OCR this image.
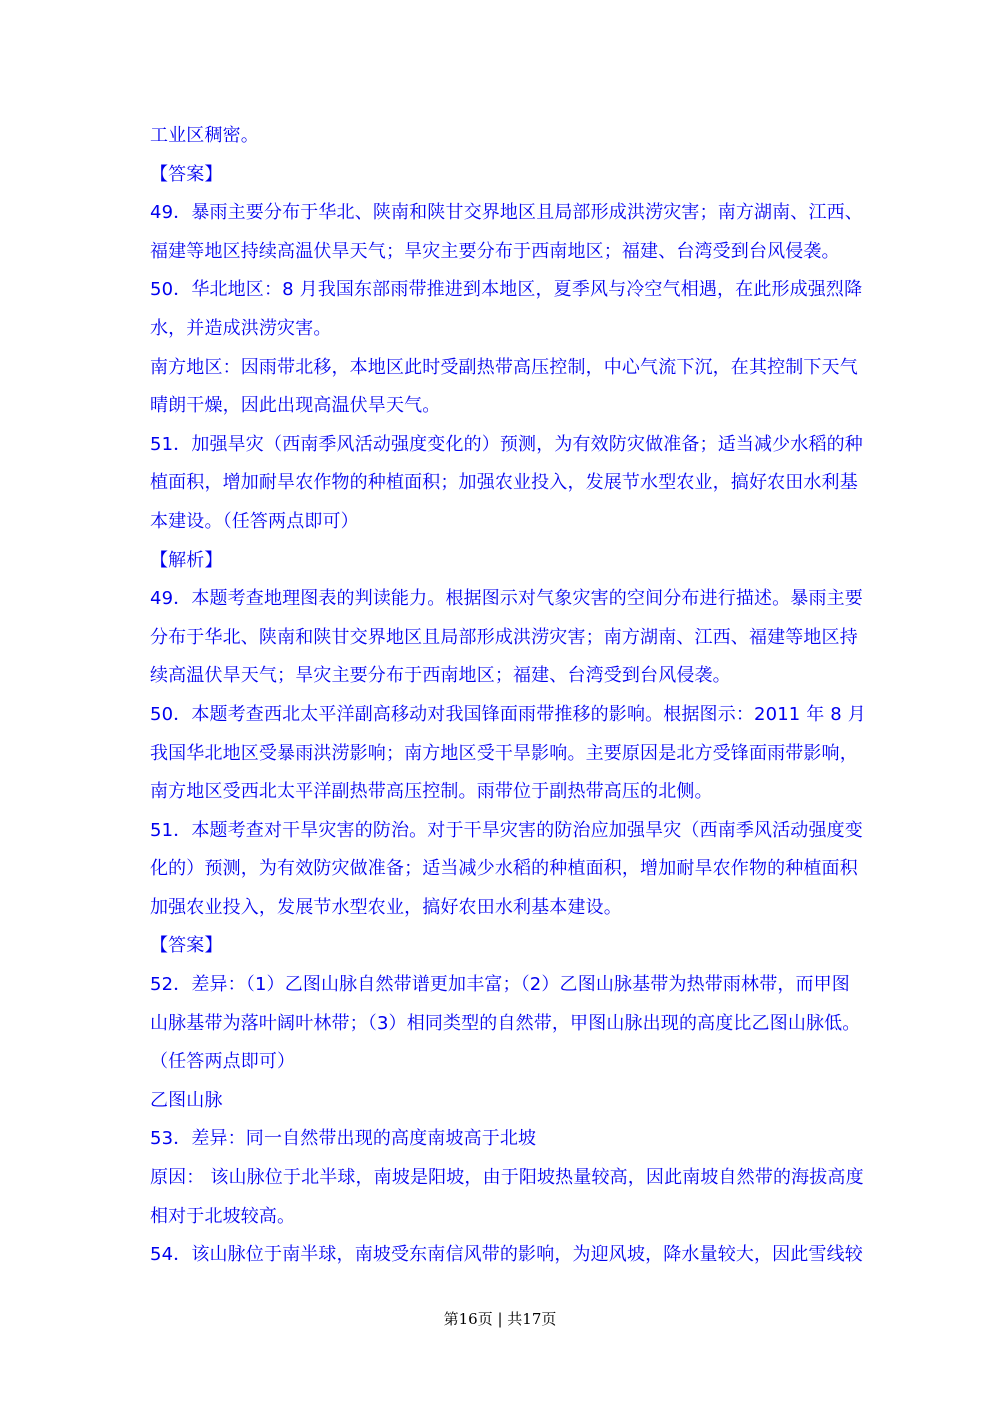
工业区稠密。
【答案】
49．暴雨主要分布于华北、陕南和陕甘交界地区且局部形成洪涝灾害；南方湖南、江西、
福建等地区持续高温伏旱天气；旱灾主要分布于西南地区；福建、台湾受到台风侵袭。
50．华北地区：8 月我国东部雨带推进到本地区，夏季风与冷空气相遇，在此形成强烈降
水，并造成洪涝灾害。
南方地区：因雨带北移，本地区此时受副热带高压控制，中心气流下沉，在其控制下天气
晴朗干燥，因此出现高温伏旱天气。
51．加强旱灾（西南季风活动强度变化的）预测，为有效防灾做准备；适当减少水稻的种
植面积，增加耐旱农作物的种植面积；加强农业投入，发展节水型农业，搞好农田水利基
本建设。（任答两点即可）
【解析】
49．本题考查地理图表的判读能力。根据图示对气象灾害的空间分布进行描述。暴雨主要
分布于华北、陕南和陕甘交界地区且局部形成洪涝灾害；南方湖南、江西、福建等地区持
续高温伏旱天气；旱灾主要分布于西南地区；福建、台湾受到台风侵袭。
50．本题考查西北太平洋副高移动对我国锋面雨带推移的影响。根据图示：2011 年 8 月
我国华北地区受暴雨洪涝影响；南方地区受干旱影响。主要原因是北方受锋面雨带影响，
南方地区受西北太平洋副热带高压控制。雨带位于副热带高压的北侧。
51．本题考查对干旱灾害的防治。对于干旱灾害的防治应加强旱灾（西南季风活动强度变
化的）预测，为有效防灾做准备；适当减少水稻的种植面积，增加耐旱农作物的种植面积
加强农业投入，发展节水型农业，搞好农田水利基本建设。
【答案】
52．差异：（1）乙图山脉自然带谱更加丰富；（2）乙图山脉基带为热带雨林带，而甲图
山脉基带为落叶阔叶林带；（3）相同类型的自然带，甲图山脉出现的高度比乙图山脉低。
（任答两点即可）
乙图山脉
53．差异：同一自然带出现的高度南坡高于北坡
原因： 该山脉位于北半球，南坡是阳坡，由于阳坡热量较高，因此南坡自然带的海拔高度
相对于北坡较高。
54．该山脉位于南半球，南坡受东南信风带的影响，为迎风坡，降水量较大，因此雪线较
第16页 | 共17页
